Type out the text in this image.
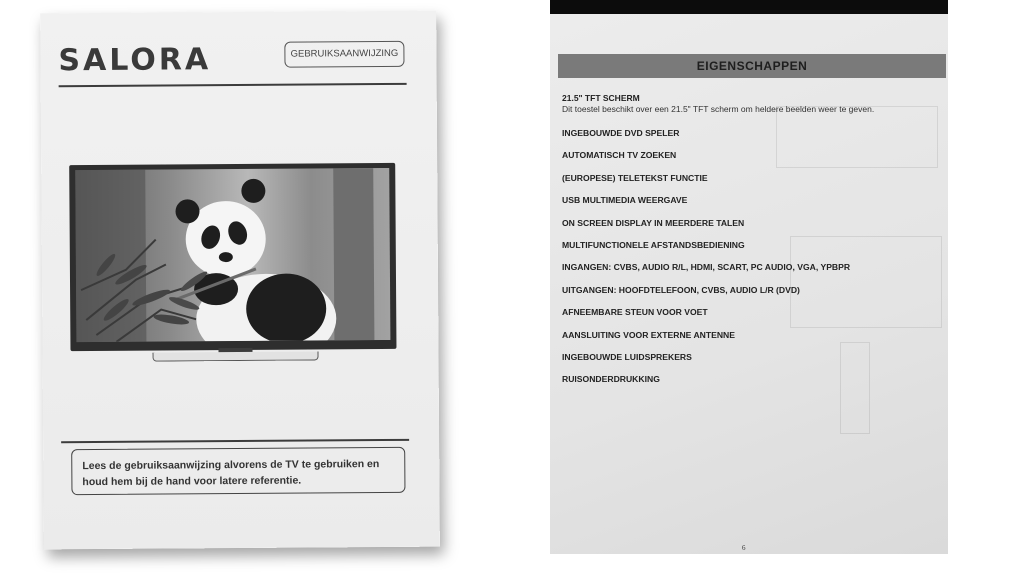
SALORA	GEBRUIKSAANWIJZING
Lees de gebruiksaanwijzing alvorens de TV te gebruiken en
houd hem bij de hand voor latere referentie.
EIGENSCHAPPEN
21.5" TFT SCHERM
Dit toestel beschikt over een 21.5" TFT scherm om heldere beelden weer te geven.
INGEBOUWDE DVD SPELER
AUTOMATISCH TV ZOEKEN
(EUROPESE) TELETEKST FUNCTIE
USB MULTIMEDIA WEERGAVE
ON SCREEN DISPLAY IN MEERDERE TALEN
MULTIFUNCTIONELE AFSTANDSBEDIENING
INGANGEN: CVBS, AUDIO R/L, HDMI, SCART, PC AUDIO, VGA, YPBPR
UITGANGEN: HOOFDTELEFOON, CVBS, AUDIO L/R (DVD)
AFNEEMBARE STEUN VOOR VOET
AANSLUITING VOOR EXTERNE ANTENNE
INGEBOUWDE LUIDSPREKERS
RUISONDERDRUKKING
6
